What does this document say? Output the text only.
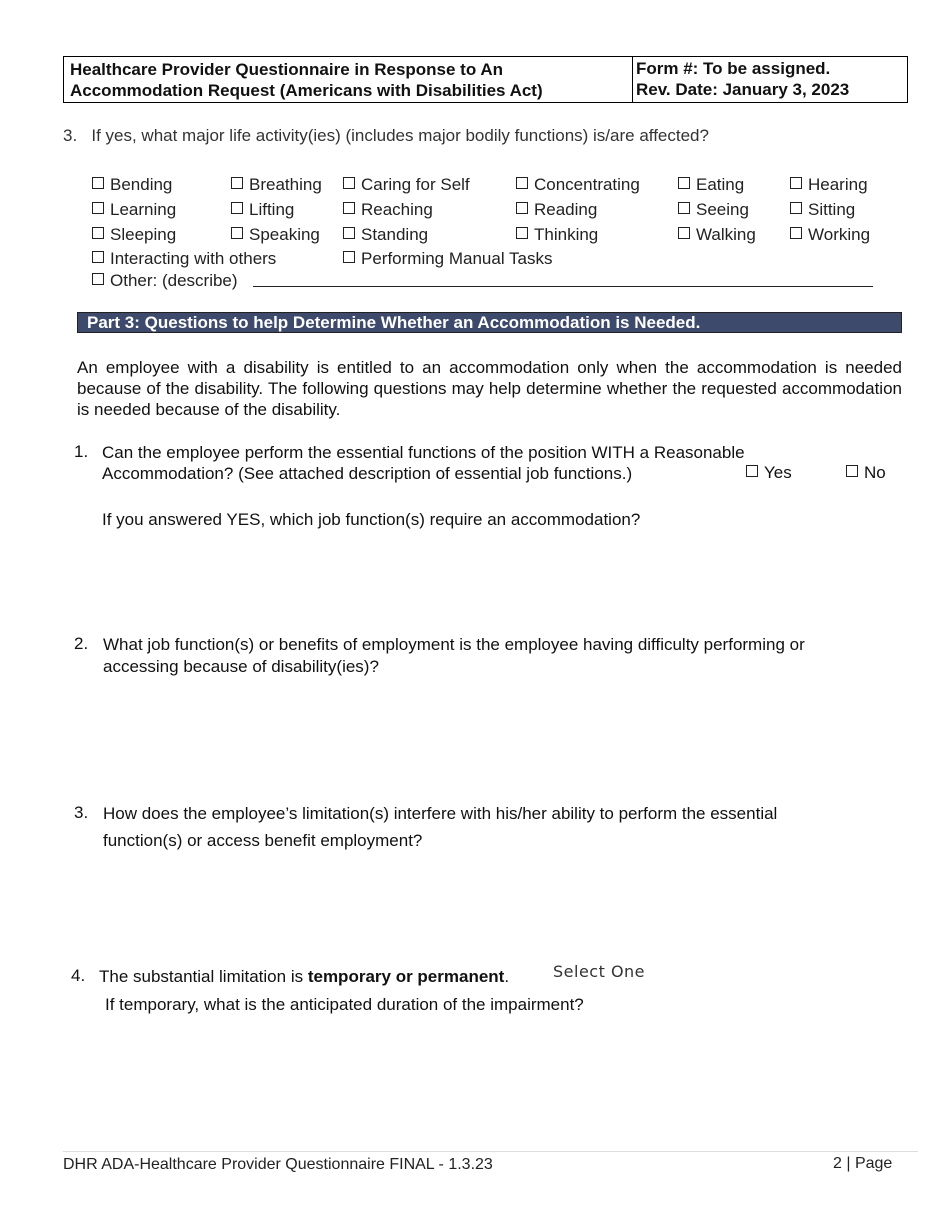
Healthcare Provider Questionnaire in Response to An
Accommodation Request (Americans with Disabilities Act)
Form #: To be assigned.
Rev. Date: January 3, 2023
3. If yes, what major life activity(ies) (includes major bodily functions) is/are affected?
Bending	Breathing	Caring for Self	Concentrating	Eating	Hearing
Learning	Lifting	Reaching	Reading	Seeing	Sitting
Sleeping	Speaking	Standing	Thinking	Walking	Working
Interacting with others	Performing Manual Tasks
Other: (describe)
Part 3: Questions to help Determine Whether an Accommodation is Needed.
An employee with a disability is entitled to an accommodation only when the accommodation is needed because of the disability. The following questions may help determine whether the requested accommodation is needed because of the disability.
1. Can the employee perform the essential functions of the position WITH a Reasonable
Accommodation? (See attached description of essential job functions.)	Yes	No
If you answered YES, which job function(s) require an accommodation?
2. What job function(s) or benefits of employment is the employee having difficulty performing or
accessing because of disability(ies)?
3. How does the employee’s limitation(s) interfere with his/her ability to perform the essential
function(s) or access benefit employment?
4. The substantial limitation is temporary or permanent.	Select One
If temporary, what is the anticipated duration of the impairment?
DHR ADA-Healthcare Provider Questionnaire FINAL - 1.3.23	2 | Page
